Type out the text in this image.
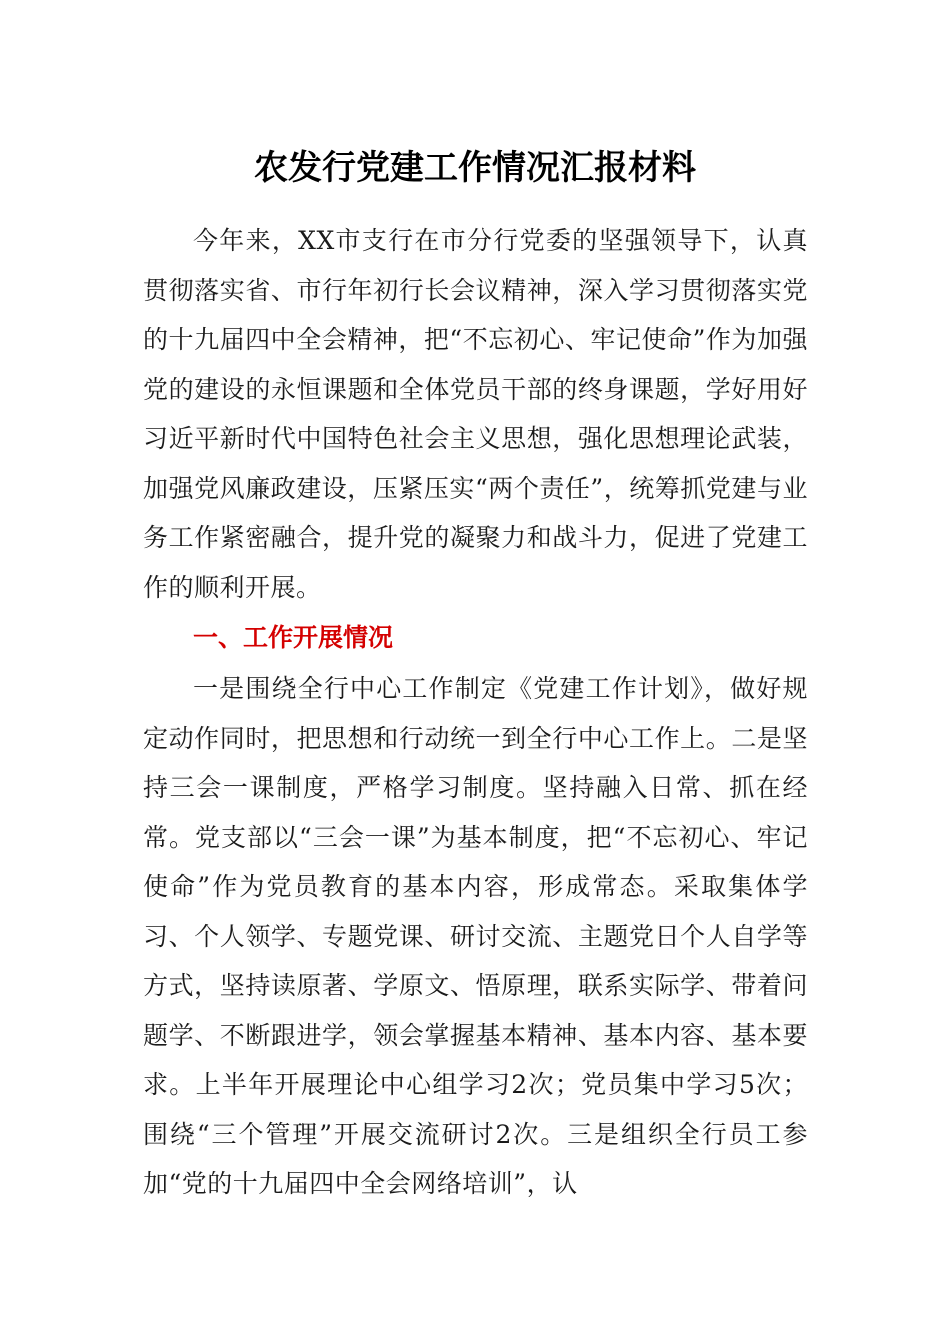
农发行党建工作情况汇报材料

今年来，XX市支行在市分行党委的坚强领导下，认真贯彻落实省、市行年初行长会议精神，深入学习贯彻落实党的十九届四中全会精神，把“不忘初心、牢记使命”作为加强党的建设的永恒课题和全体党员干部的终身课题，学好用好习近平新时代中国特色社会主义思想，强化思想理论武装，加强党风廉政建设，压紧压实“两个责任”，统筹抓党建与业务工作紧密融合，提升党的凝聚力和战斗力，促进了党建工作的顺利开展。

一、工作开展情况

一是围绕全行中心工作制定《党建工作计划》，做好规定动作同时，把思想和行动统一到全行中心工作上。二是坚持三会一课制度，严格学习制度。坚持融入日常、抓在经常。党支部以“三会一课”为基本制度，把“不忘初心、牢记使命”作为党员教育的基本内容，形成常态。采取集体学习、个人领学、专题党课、研讨交流、主题党日个人自学等方式，坚持读原著、学原文、悟原理，联系实际学、带着问题学、不断跟进学，领会掌握基本精神、基本内容、基本要求。上半年开展理论中心组学习2次；党员集中学习5次；围绕“三个管理”开展交流研讨2次。三是组织全行员工参加“党的十九届四中全会网络培训”，认
